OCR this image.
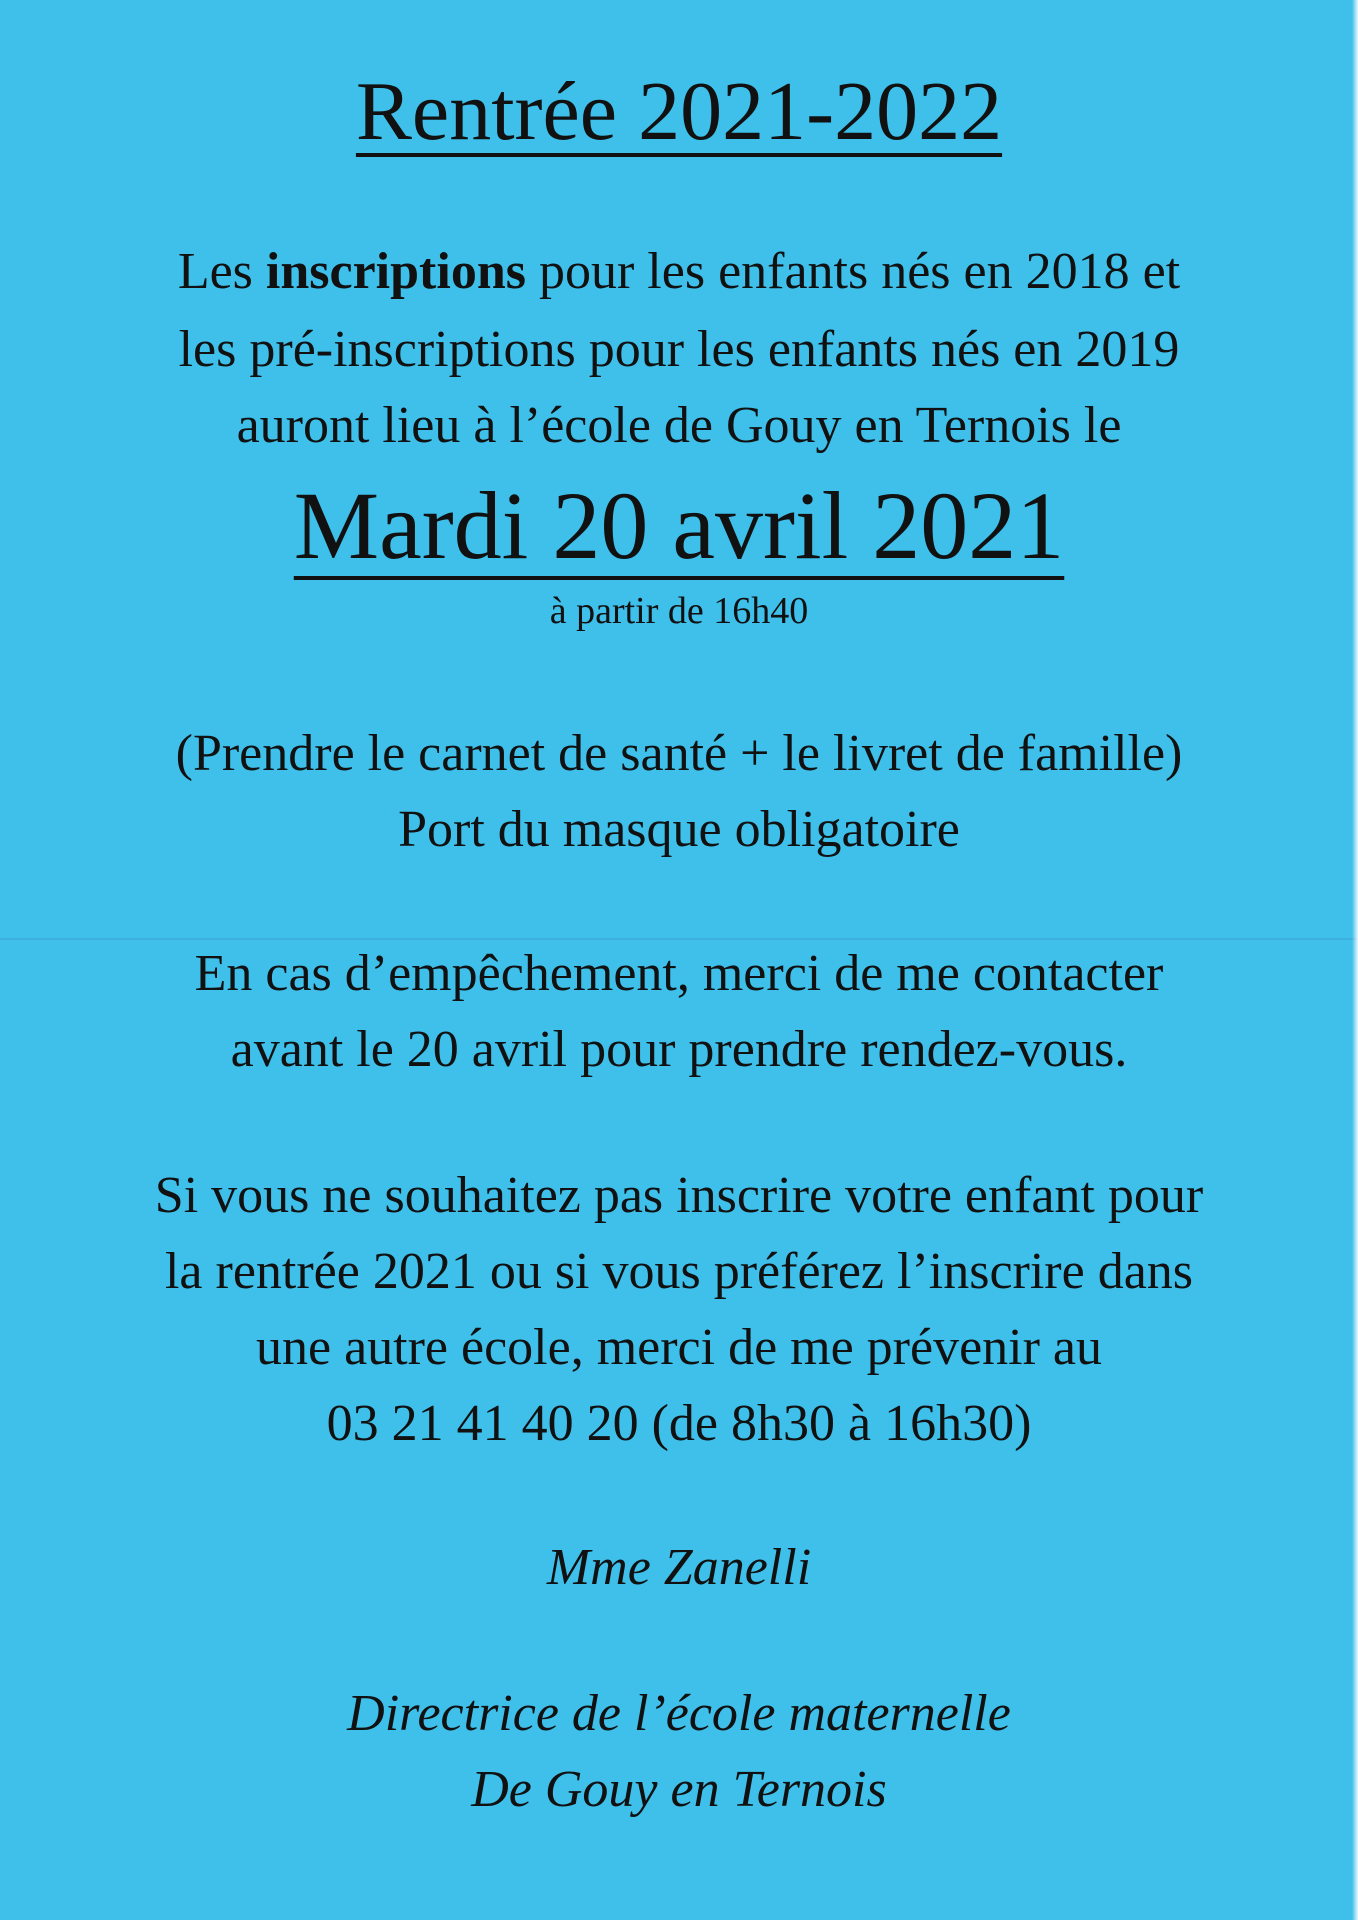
Rentrée 2021-2022
Les inscriptions pour les enfants nés en 2018 et
les pré-inscriptions pour les enfants nés en 2019
auront lieu à l’école de Gouy en Ternois le
Mardi 20 avril 2021
à partir de 16h40
(Prendre le carnet de santé + le livret de famille)
Port du masque obligatoire
En cas d’empêchement, merci de me contacter
avant le 20 avril pour prendre rendez-vous.
Si vous ne souhaitez pas inscrire votre enfant pour
la rentrée 2021 ou si vous préférez l’inscrire dans
une autre école, merci de me prévenir au
03 21 41 40 20 (de 8h30 à 16h30)
Mme Zanelli
Directrice de l’école maternelle
De Gouy en Ternois
